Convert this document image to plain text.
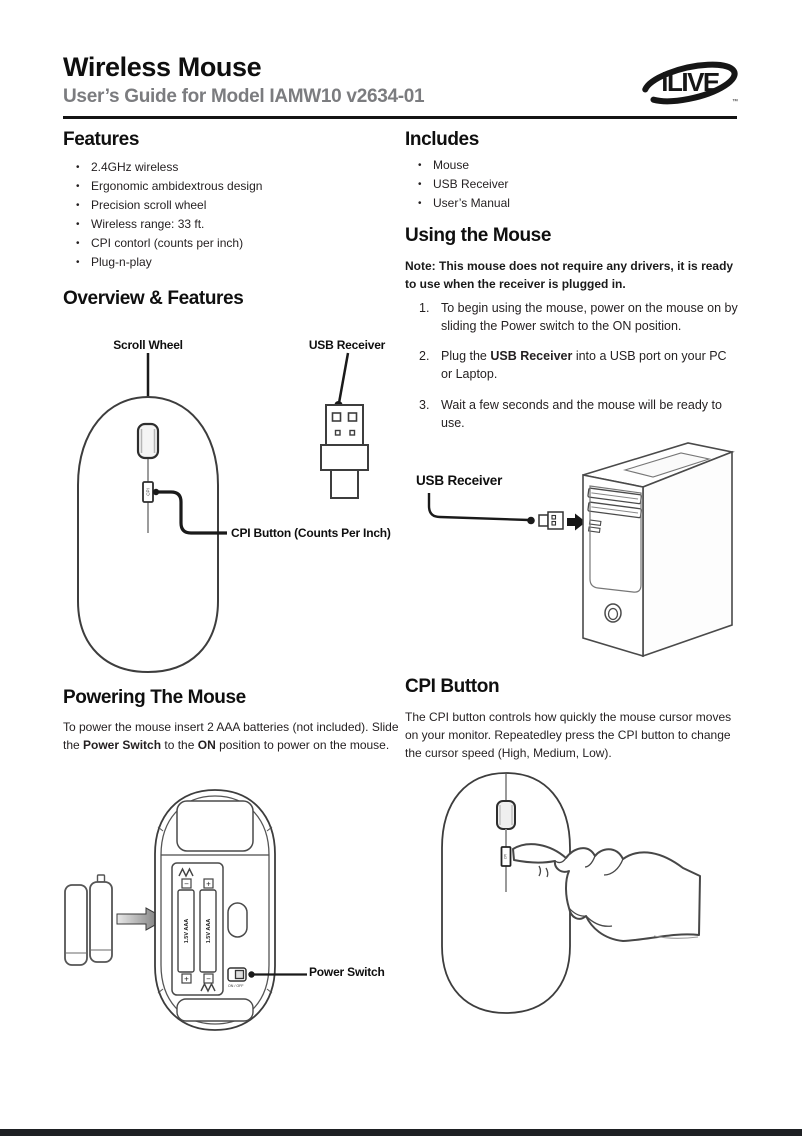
Wireless Mouse
User’s Guide for Model IAMW10 v2634-01	iLIVE
™
Features
• 2.4GHz wireless
• Ergonomic ambidextrous design
• Precision scroll wheel
• Wireless range: 33 ft.
• CPI contorl (counts per inch)
• Plug-n-play
Overview & Features
CPI
Scroll Wheel	USB Receiver
CPI Button (Counts Per Inch)
Powering The Mouse

To power the mouse insert 2 AAA batteries (not included). Slide the Power Switch to the ON position to power on the mouse.

−
1.5V AAA
+
+
1.5V AAA
−
ON / OFF
Power Switch
Includes
• Mouse
• USB Receiver
• User’s Manual
Using the Mouse

Note: This mouse does not require any drivers, it is ready to use when the receiver is plugged in.

1. To begin using the mouse, power on the mouse on by sliding the Power switch to the ON position.
2. Plug the USB Receiver into a USB port on your PC or Laptop.
3. Wait a few seconds and the mouse will be ready to use.
USB Receiver
CPI Button

The CPI button controls how quickly the mouse cursor moves on your monitor. Repeatedley press the CPI button to change the cursor speed (High, Medium, Low).

CPI
